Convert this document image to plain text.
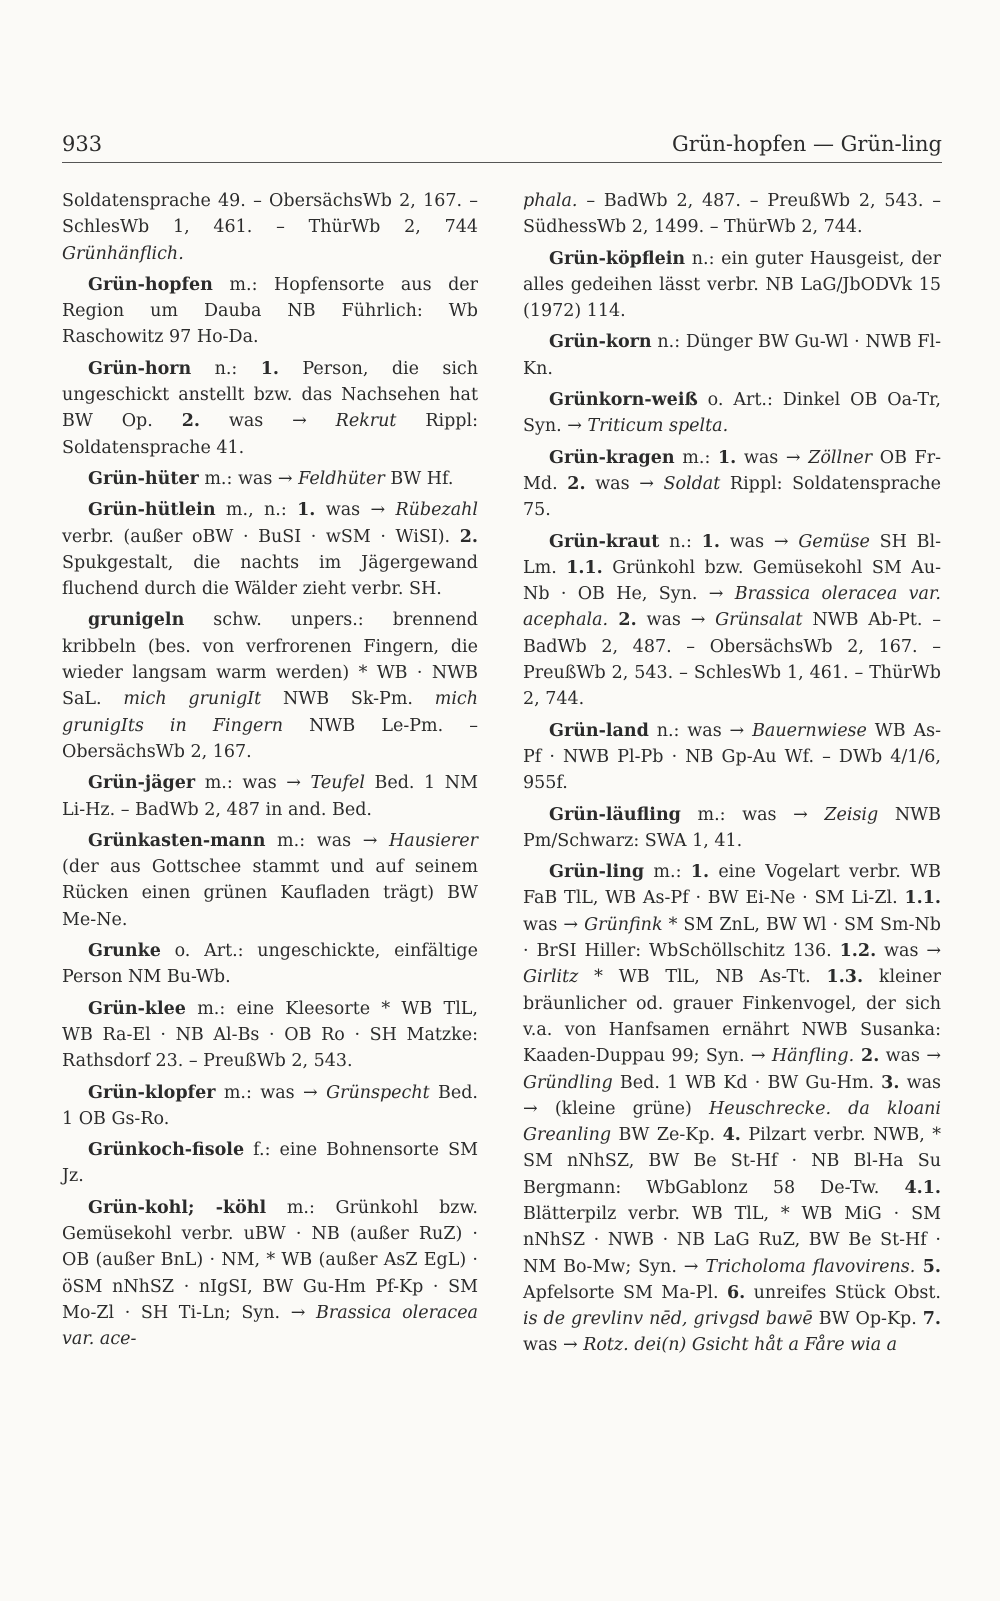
933	Grün-hopfen — Grün-ling

Soldatensprache 49. – ObersächsWb 2, 167. – SchlesWb 1, 461. – ThürWb 2, 744 Grünhänflich.

Grün-hopfen m.: Hopfensorte aus der Region um Dauba NB Führlich: Wb Raschowitz 97 Ho-Da.

Grün-horn n.: 1. Person, die sich ungeschickt anstellt bzw. das Nachsehen hat BW Op. 2. was → Rekrut Rippl: Soldatensprache 41.

Grün-hüter m.: was → Feldhüter BW Hf.

Grün-hütlein m., n.: 1. was → Rübezahl verbr. (außer oBW · BuSI · wSM · WiSI). 2. Spukgestalt, die nachts im Jägergewand fluchend durch die Wälder zieht verbr. SH.

grunigeln schw. unpers.: brennend kribbeln (bes. von verfrorenen Fingern, die wieder langsam warm werden) * WB · NWB SaL. mich grunigIt NWB Sk-Pm. mich grunigIts in Fingern NWB Le-Pm. – ObersächsWb 2, 167.

Grün-jäger m.: was → Teufel Bed. 1 NM Li-Hz. – BadWb 2, 487 in and. Bed.

Grünkasten-mann m.: was → Hausierer (der aus Gottschee stammt und auf seinem Rücken einen grünen Kaufladen trägt) BW Me-Ne.

Grunke o. Art.: ungeschickte, einfältige Person NM Bu-Wb.

Grün-klee m.: eine Kleesorte * WB TlL, WB Ra-El · NB Al-Bs · OB Ro · SH Matzke: Rathsdorf 23. – PreußWb 2, 543.

Grün-klopfer m.: was → Grünspecht Bed. 1 OB Gs-Ro.

Grünkoch-fisole f.: eine Bohnensorte SM Jz.

Grün-kohl; -köhl m.: Grünkohl bzw. Gemüsekohl verbr. uBW · NB (außer RuZ) · OB (außer BnL) · NM, * WB (außer AsZ EgL) · öSM nNhSZ · nIgSI, BW Gu-Hm Pf-Kp · SM Mo-Zl · SH Ti-Ln; Syn. → Brassica oleracea var. ace-

phala. – BadWb 2, 487. – PreußWb 2, 543. – SüdhessWb 2, 1499. – ThürWb 2, 744.

Grün-köpflein n.: ein guter Hausgeist, der alles gedeihen lässt verbr. NB LaG/JbODVk 15 (1972) 114.

Grün-korn n.: Dünger BW Gu-Wl · NWB Fl-Kn.

Grünkorn-weiß o. Art.: Dinkel OB Oa-Tr, Syn. → Triticum spelta.

Grün-kragen m.: 1. was → Zöllner OB Fr-Md. 2. was → Soldat Rippl: Soldatensprache 75.

Grün-kraut n.: 1. was → Gemüse SH Bl-Lm. 1.1. Grünkohl bzw. Gemüsekohl SM Au-Nb · OB He, Syn. → Brassica oleracea var. acephala. 2. was → Grünsalat NWB Ab-Pt. – BadWb 2, 487. – ObersächsWb 2, 167. – PreußWb 2, 543. – SchlesWb 1, 461. – ThürWb 2, 744.

Grün-land n.: was → Bauernwiese WB As-Pf · NWB Pl-Pb · NB Gp-Au Wf. – DWb 4/1/6, 955f.

Grün-läufling m.: was → Zeisig NWB Pm/Schwarz: SWA 1, 41.

Grün-ling m.: 1. eine Vogelart verbr. WB FaB TlL, WB As-Pf · BW Ei-Ne · SM Li-Zl. 1.1. was → Grünfink * SM ZnL, BW Wl · SM Sm-Nb · BrSI Hiller: WbSchöllschitz 136. 1.2. was → Girlitz * WB TlL, NB As-Tt. 1.3. kleiner bräunlicher od. grauer Finkenvogel, der sich v.a. von Hanfsamen ernährt NWB Susanka: Kaaden-Duppau 99; Syn. → Hänfling. 2. was → Gründling Bed. 1 WB Kd · BW Gu-Hm. 3. was → (kleine grüne) Heuschrecke. da kloani Greanling BW Ze-Kp. 4. Pilzart verbr. NWB, * SM nNhSZ, BW Be St-Hf · NB Bl-Ha Su Bergmann: WbGablonz 58 De-Tw. 4.1. Blätterpilz verbr. WB TlL, * WB MiG · SM nNhSZ · NWB · NB LaG RuZ, BW Be St-Hf · NM Bo-Mw; Syn. → Tricholoma flavovirens. 5. Apfelsorte SM Ma-Pl. 6. unreifes Stück Obst. is de grevlinv nēd, grivgsd bawē BW Op-Kp. 7. was → Rotz. dei(n) Gsicht håt a Fåre wia a
